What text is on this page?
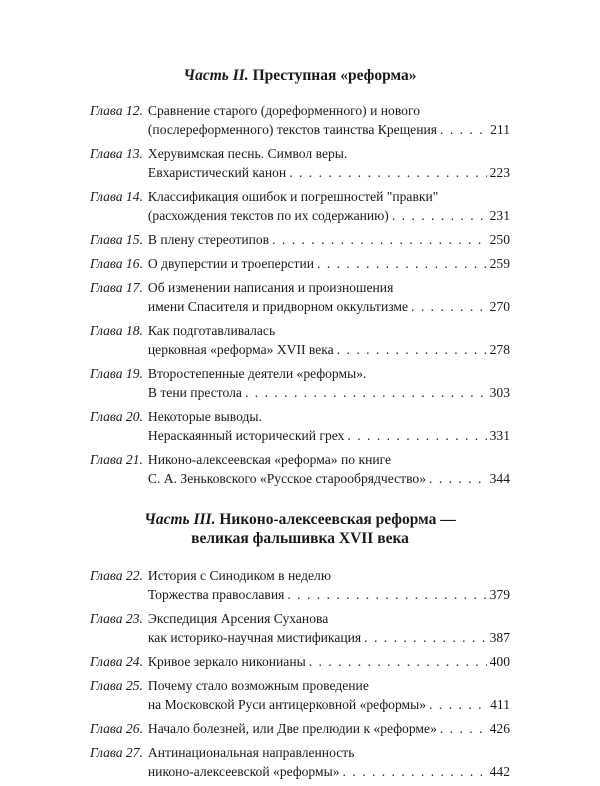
Часть II. Преступная «реформа»
Глава 12. Сравнение старого (дореформенного) и нового
(послереформенного) текстов таинства Крещения . . .	211
Глава 13. Херувимская песнь. Символ веры.
Евхаристический канон . . .	223
Глава 14. Классификация ошибок и погрешностей "правки"
(расхождения текстов по их содержанию) . . .	231
Глава 15. В плену стереотипов . . .	250
Глава 16. О двуперстии и троеперстии . . .	259
Глава 17. Об изменении написания и произношения
имени Спасителя и придворном оккультизме . . .	270
Глава 18. Как подготавливалась
церковная «реформа» XVII века . . .	278
Глава 19. Второстепенные деятели «реформы».
В тени престола . . .	303
Глава 20. Некоторые выводы.
Нераскаянный исторический грех . . .	331
Глава 21. Никоно-алексеевская «реформа» по книге
С. А. Зеньковского «Русское старообрядчество» . . .	344
Часть III. Никоно-алексеевская реформа —
великая фальшивка XVII века
Глава 22. История с Синодиком в неделю
Торжества православия . . .	379
Глава 23. Экспедиция Арсения Суханова
как историко-научная мистификация . . .	387
Глава 24. Кривое зеркало никонианы . . .	400
Глава 25. Почему стало возможным проведение
на Московской Руси антицерковной «реформы» . . .	411
Глава 26. Начало болезней, или Две прелюдии к «реформе» . . .	426
Глава 27. Антинациональная направленность
никоно-алексеевской «реформы» . . .	442
